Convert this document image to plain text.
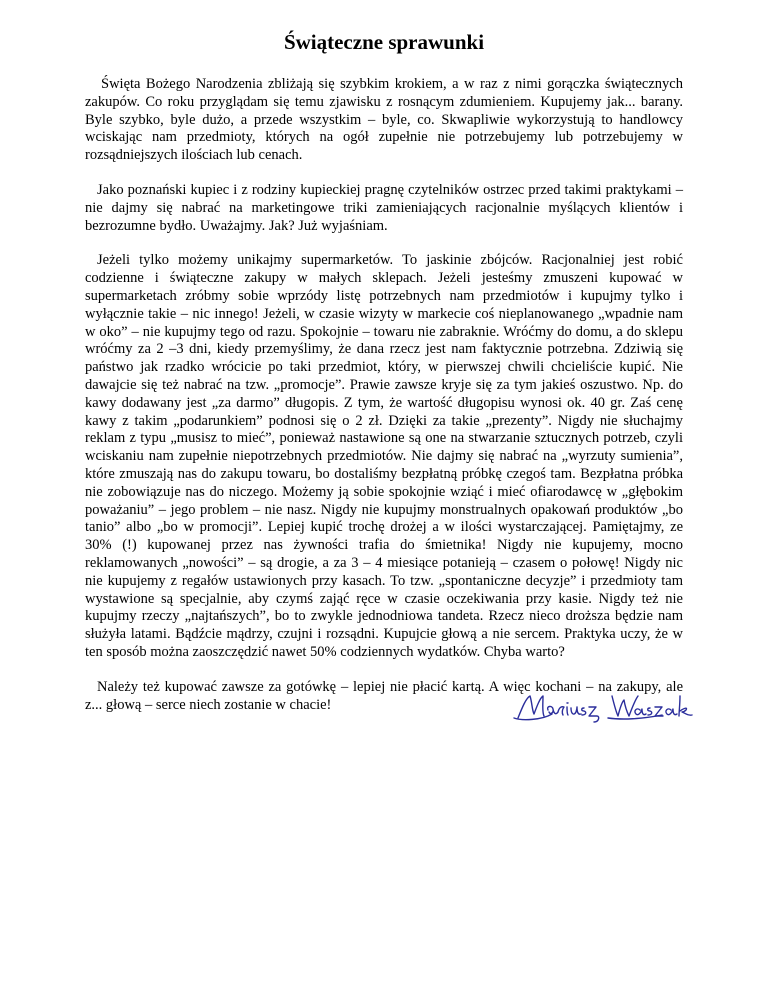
Świąteczne sprawunki

Święta Bożego Narodzenia zbliżają się szybkim krokiem, a w raz z nimi gorączka świątecznych zakupów. Co roku przyglądam się temu zjawisku z rosnącym zdumieniem. Kupujemy jak... barany. Byle szybko, byle dużo, a przede wszystkim – byle, co. Skwapliwie wykorzystują to handlowcy wciskając nam przedmioty, których na ogół zupełnie nie potrzebujemy lub potrzebujemy w rozsądniejszych ilościach lub cenach.

Jako poznański kupiec i z rodziny kupieckiej pragnę czytelników ostrzec przed takimi praktykami – nie dajmy się nabrać na marketingowe triki zamieniających racjonalnie myślących klientów i bezrozumne bydło. Uważajmy. Jak? Już wyjaśniam.

Jeżeli tylko możemy unikajmy supermarketów. To jaskinie zbójców. Racjonalniej jest robić codzienne i świąteczne zakupy w małych sklepach. Jeżeli jesteśmy zmuszeni kupować w supermarketach zróbmy sobie wprzódy listę potrzebnych nam przedmiotów i kupujmy tylko i wyłącznie takie – nic innego! Jeżeli, w czasie wizyty w markecie coś nieplanowanego „wpadnie nam w oko” – nie kupujmy tego od razu. Spokojnie – towaru nie zabraknie. Wróćmy do domu, a do sklepu wróćmy za 2 –3 dni, kiedy przemyślimy, że dana rzecz jest nam faktycznie potrzebna. Zdziwią się państwo jak rzadko wrócicie po taki przedmiot, który, w pierwszej chwili chcieliście kupić. Nie dawajcie się też nabrać na tzw. „promocje”. Prawie zawsze kryje się za tym jakieś oszustwo. Np. do kawy dodawany jest „za darmo” długopis. Z tym, że wartość długopisu wynosi ok. 40 gr. Zaś cenę kawy z takim „podarunkiem” podnosi się o 2 zł. Dzięki za takie „prezenty”. Nigdy nie słuchajmy reklam z typu „musisz to mieć”, ponieważ nastawione są one na stwarzanie sztucznych potrzeb, czyli wciskaniu nam zupełnie niepotrzebnych przedmiotów. Nie dajmy się nabrać na „wyrzuty sumienia”, które zmuszają nas do zakupu towaru, bo dostaliśmy bezpłatną próbkę czegoś tam. Bezpłatna próbka nie zobowiązuje nas do niczego. Możemy ją sobie spokojnie wziąć i mieć ofiarodawcę w „głębokim poważaniu” – jego problem – nie nasz. Nigdy nie kupujmy monstrualnych opakowań produktów „bo tanio” albo „bo w promocji”. Lepiej kupić trochę drożej a w ilości wystarczającej. Pamiętajmy, ze 30% (!) kupowanej przez nas żywności trafia do śmietnika! Nigdy nie kupujemy, mocno reklamowanych „nowości” – są drogie, a za 3 – 4 miesiące potanieją – czasem o połowę! Nigdy nic nie kupujemy z regałów ustawionych przy kasach. To tzw. „spontaniczne decyzje” i przedmioty tam wystawione są specjalnie, aby czymś zająć ręce w czasie oczekiwania przy kasie. Nigdy też nie kupujmy rzeczy „najtańszych”, bo to zwykle jednodniowa tandeta. Rzecz nieco droższa będzie nam służyła latami. Bądźcie mądrzy, czujni i rozsądni. Kupujcie głową a nie sercem. Praktyka uczy, że w ten sposób można zaoszczędzić nawet 50% codziennych wydatków. Chyba warto?

Należy też kupować zawsze za gotówkę – lepiej nie płacić kartą. A więc kochani – na zakupy, ale z... głową – serce niech zostanie w chacie!
